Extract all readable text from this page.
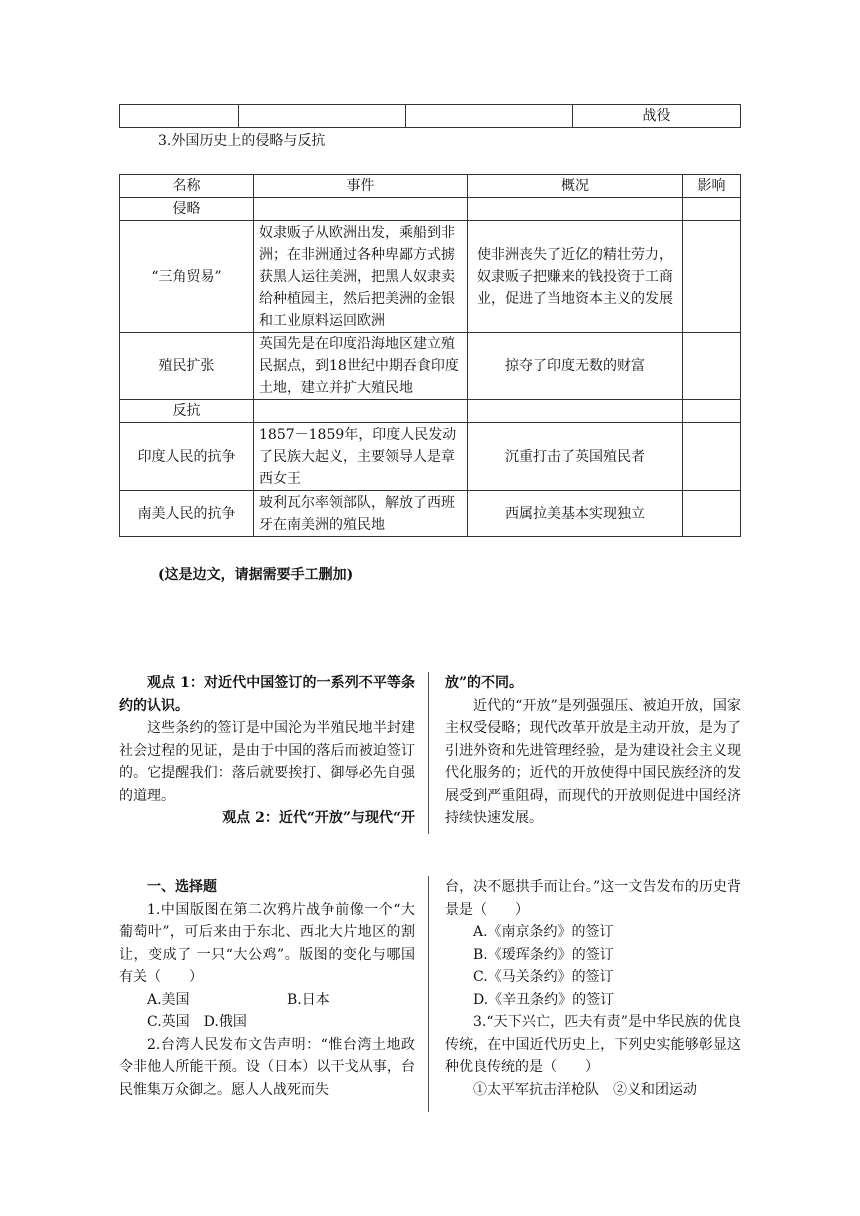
			战役
3.外国历史上的侵略与反抗
名称	事件	概况	影响
侵略			
“三角贸易”	奴隶贩子从欧洲出发，乘船到非洲；在非洲通过各种卑鄙方式掳获黑人运往美洲，把黑人奴隶卖给种植园主，然后把美洲的金银和工业原料运回欧洲	使非洲丧失了近亿的精壮劳力，奴隶贩子把赚来的钱投资于工商业，促进了当地资本主义的发展	
殖民扩张	英国先是在印度沿海地区建立殖民据点，到18世纪中期吞食印度土地，建立并扩大殖民地	掠夺了印度无数的财富	
反抗			
印度人民的抗争	1857－1859年，印度人民发动了民族大起义，主要领导人是章西女王	沉重打击了英国殖民者	
南美人民的抗争	玻利瓦尔率领部队，解放了西班牙在南美洲的殖民地	西属拉美基本实现独立	
(这是边文，请据需要手工删加)

观点 1：对近代中国签订的一系列不平等条约的认识。

这些条约的签订是中国沦为半殖民地半封建社会过程的见证，是由于中国的落后而被迫签订的。它提醒我们：落后就要挨打、御辱必先自强的道理。

观点 2：近代“开放”与现代“开

放”的不同。

近代的“开放”是列强强压、被迫开放，国家主权受侵略；现代改革开放是主动开放，是为了引进外资和先进管理经验，是为建设社会主义现代化服务的；近代的开放使得中国民族经济的发展受到严重阻碍，而现代的开放则促进中国经济持续快速发展。

一、选择题

1.中国版图在第二次鸦片战争前像一个“大葡萄叶”，可后来由于东北、西北大片地区的割让，变成了 一只“大公鸡”。版图的变化与哪国有关（　　）

A.美国	B.日本
C.英国 D.俄国

2.台湾人民发布文告声明：“惟台湾土地政令非他人所能干预。设（日本）以干戈从事，台民惟集万众御之。愿人人战死而失

台，决不愿拱手而让台。”这一文告发布的历史背景是（　　）

A.《南京条约》的签订

B.《瑷珲条约》的签订

C.《马关条约》的签订

D.《辛丑条约》的签订

3.“天下兴亡，匹夫有责”是中华民族的优良传统，在中国近代历史上，下列史实能够彰显这种优良传统的是（　　）

①太平军抗击洋枪队 ②义和团运动
